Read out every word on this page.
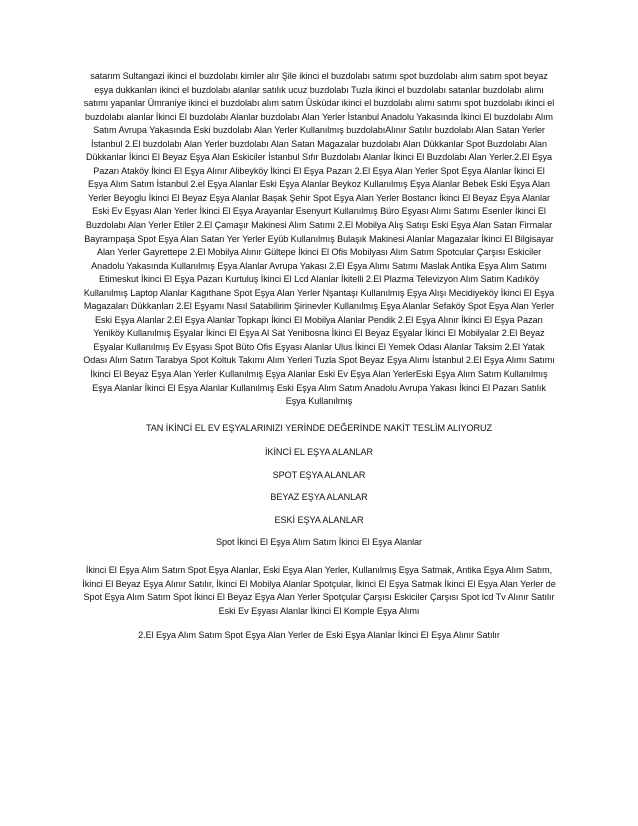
satarım Sultangazi ikinci el buzdolabı kimler alır Şile ikinci el buzdolabı satımı spot buzdolabı alım satım spot beyaz eşya dukkanları ikinci el buzdolabı alanlar satılık ucuz buzdolabı Tuzla ikinci el buzdolabı satanlar buzdolabı alımı satımı yapanlar Ümraniye ikinci el buzdolabı alım satım Üsküdar ikinci el buzdolabı alımı satımı spot buzdolabı ikinci el buzdolabı alanlar İkinci El buzdolabı Alanlar buzdolabı Alan Yerler İstanbul Anadolu Yakasında İkinci El buzdolabı Alım Satım Avrupa Yakasında Eski buzdolabı Alan Yerler Kullanılmış buzdolabıAlınır Satılır buzdolabı Alan Satan Yerler İstanbul 2.El buzdolabı Alan Yerler buzdolabı Alan Satan Magazalar buzdolabı Alan Dükkanlar Spot Buzdolabı Alan Dükkanlar İkinci El Beyaz Eşya Alan Eskiciler İstanbul Sıfır Buzdolabı Alanlar İkinci El Buzdolabı Alan Yerler.2.El Eşya Pazarı Ataköy İkinci El Eşya Alınır Alibeyköy İkinci El Eşya Pazarı 2.El Eşya Alan Yerler Spot Eşya Alanlar İkinci El Eşya Alım Satım İstanbul 2.el Eşya Alanlar Eski Eşya Alanlar Beykoz Kullanılmış Eşya Alanlar Bebek Eski Eşya Alan Yerler Beyoglu İkinci El Beyaz Eşya Alanlar Başak Şehir Spot Eşya Alan Yerler Bostancı İkinci El Beyaz Eşya Alanlar Eski Ev Eşyası Alan Yerler İkinci El Eşya Arayanlar Esenyurt Kullanılmış Büro Eşyası Alımı Satımı Esenler İkinci El Buzdolabı Alan Yerler Etiler 2.El Çamaşır Makinesi Alım Satımı 2.El Mobilya Alış Satışı Eski Eşya Alan Satan Firmalar Bayrampaşa Spot Eşya Alan Satan Yer Yerler Eyüb Kullanılmış Bulaşık Makinesi Alanlar Magazalar İkinci El Bilgisayar Alan Yerler Gayrettepe 2.El Mobilya Alınır Gültepe İkinci El Ofis Mobilyası Alım Satım Spotcular Çarşısı Eskiciler Anadolu Yakasında Kullanılmış Eşya Alanlar Avrupa Yakası 2.El Eşya Alımı Satımı Maslak Antika Eşya Alım Satımı Etimeskut İkinci El Eşya Pazarı Kurtuluş İkinci El Lcd Alanlar İkitelli 2.El Plazma Televizyon Alım Satım Kadıköy Kullanılmış Laptop Alanlar Kagıthane Spot Eşya Alan Yerler Nşantaşı Kullanılmış Eşya Alışı Mecidiyeköy İkinci El Eşya Magazaları Dükkanları 2.El Eşyamı Nasıl Satabilirim Şirinevler Kullanılmış Eşya Alanlar Sefaköy Spot Eşya Alan Yerler Eski Eşya Alanlar 2.El Eşya Alanlar Topkapı İkinci El Mobilya Alanlar Pendik 2.El Eşya Alınır İkinci El Eşya Pazarı Yeniköy Kullanılmış Eşyalar İkinci El Eşya Al Sat Yenibosna İkinci El Beyaz Eşyalar İkinci El Mobilyalar 2.El Beyaz Eşyalar Kullanılmış Ev Eşyası Spot Büto Ofis Eşyası Alanlar Ulus İkinci El Yemek Odası Alanlar Taksim 2.El Yatak Odası Alım Satım Tarabya Spot Koltuk Takımı Alım Yerleri Tuzla Spot Beyaz Eşya Alımı İstanbul 2.El Eşya Alımı Satımı İkinci El Beyaz Eşya Alan Yerler Kullanılmış Eşya Alanlar Eski Ev Eşya Alan YerlerEski Eşya Alım Satım Kullanılmış Eşya Alanlar İkinci El Eşya Alanlar Kullanılmış Eski Eşya Alım Satım Anadolu Avrupa Yakası İkinci El Pazarı Satılık Eşya Kullanılmış

TAN İKİNCİ EL EV EŞYALARINIZI YERİNDE DEĞERİNDE NAKİT TESLİM ALIYORUZ

İKİNCİ EL EŞYA ALANLAR

SPOT EŞYA ALANLAR

BEYAZ EŞYA ALANLAR

ESKİ EŞYA ALANLAR

Spot İkinci El Eşya Alım Satım İkinci El Eşya Alanlar

İkinci El Eşya Alım Satım Spot Eşya Alanlar, Eski Eşya Alan Yerler, Kullanılmış Eşya Satmak, Antika Eşya Alım Satım, İkinci El Beyaz Eşya Alınır Satılır, İkinci El Mobilya Alanlar Spotçular, İkinci El Eşya Satmak İkinci El Eşya Alan Yerler de Spot Eşya Alım Satım Spot İkinci El Beyaz Eşya Alan Yerler Spotçular Çarşısı Eskiciler Çarşısı Spot lcd Tv Alınır Satılır Eski Ev Eşyası Alanlar İkinci El Komple Eşya Alımı

2.El Eşya Alım Satım Spot Eşya Alan Yerler de Eski Eşya Alanlar İkinci El Eşya Alınır Satılır
